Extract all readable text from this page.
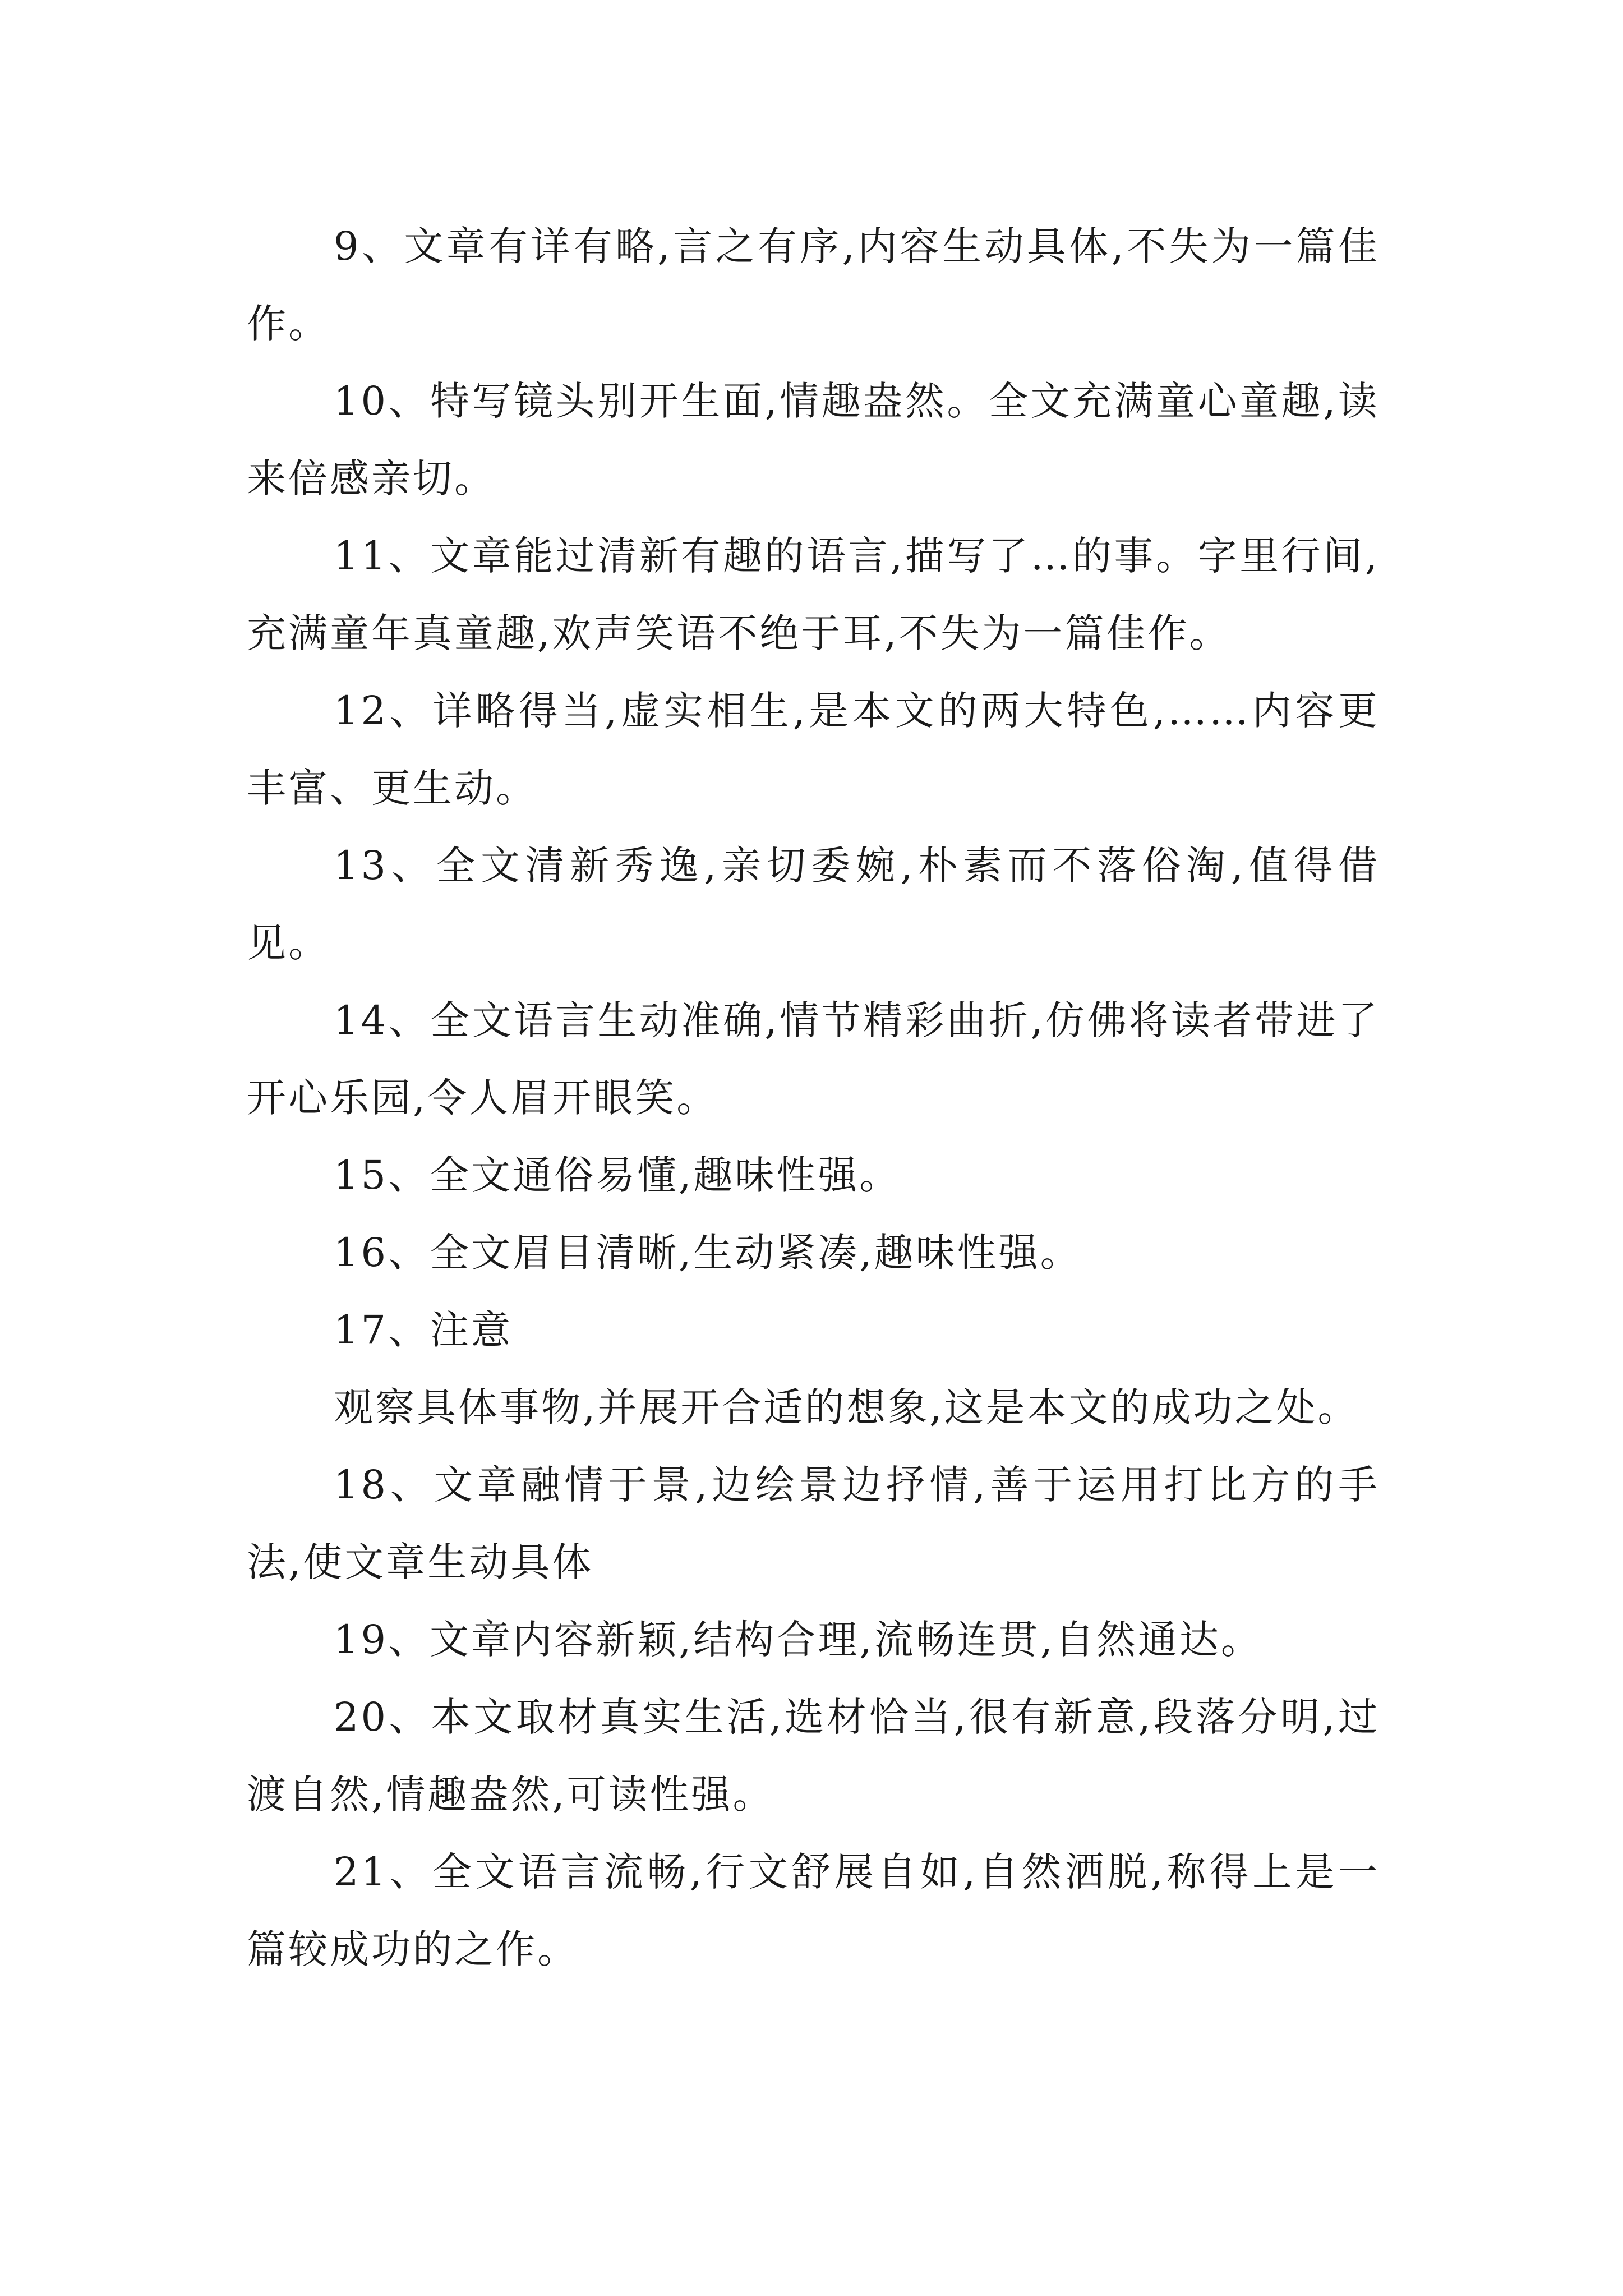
9、文章有详有略,言之有序,内容生动具体,不失为一篇佳作。

10、特写镜头别开生面,情趣盎然。全文充满童心童趣,读来倍感亲切。

11、文章能过清新有趣的语言,描写了…的事。字里行间,充满童年真童趣,欢声笑语不绝于耳,不失为一篇佳作。

12、详略得当,虚实相生,是本文的两大特色,……内容更丰富、更生动。

13、全文清新秀逸,亲切委婉,朴素而不落俗淘,值得借见。

14、全文语言生动准确,情节精彩曲折,仿佛将读者带进了开心乐园,令人眉开眼笑。

15、全文通俗易懂,趣味性强。

16、全文眉目清晰,生动紧凑,趣味性强。

17、注意

观察具体事物,并展开合适的想象,这是本文的成功之处。

18、文章融情于景,边绘景边抒情,善于运用打比方的手法,使文章生动具体

19、文章内容新颖,结构合理,流畅连贯,自然通达。

20、本文取材真实生活,选材恰当,很有新意,段落分明,过渡自然,情趣盎然,可读性强。

21、全文语言流畅,行文舒展自如,自然洒脱,称得上是一篇较成功的之作。
